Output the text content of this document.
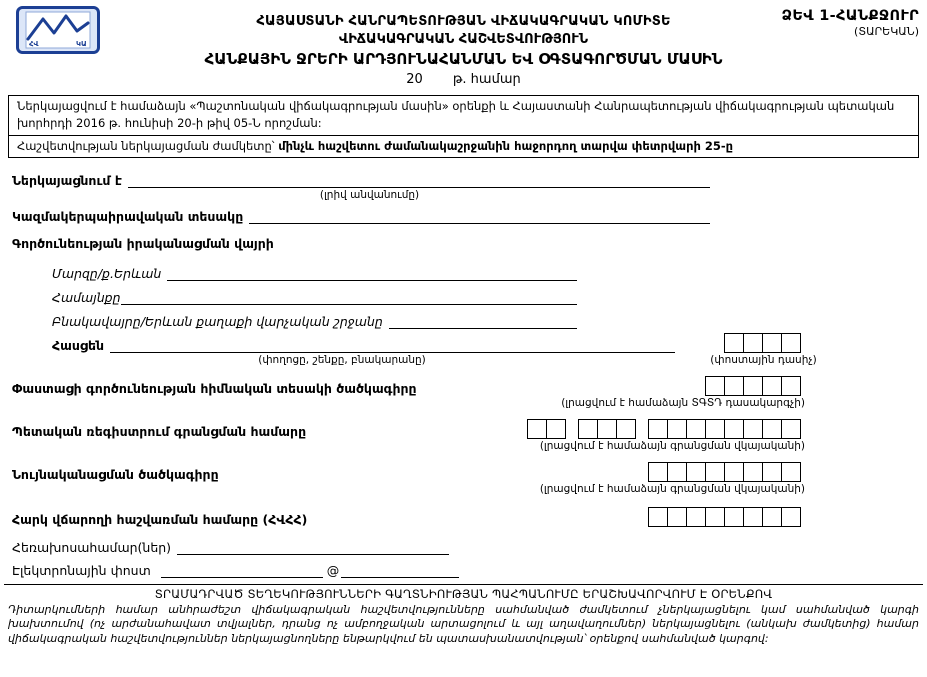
ՀՎ	ԿԱ
ՁԵՎ 1-ՀԱՆՔՋՈՒՐ
(ՏԱՐԵԿԱՆ)
ՀԱՅԱՍՏԱՆԻ ՀԱՆՐԱՊԵՏՈՒԹՅԱՆ ՎԻՃԱԿԱԳՐԱԿԱՆ ԿՈՄԻՏԵ
ՎԻՃԱԿԱԳՐԱԿԱՆ ՀԱՇՎԵՏՎՈՒԹՅՈՒՆ
ՀԱՆՔԱՅԻՆ ՋՐԵՐԻ ԱՐԴՅՈՒՆԱՀԱՆՄԱՆ ԵՎ ՕԳՏԱԳՈՐԾՄԱՆ ՄԱՍԻՆ
20 թ. համար
Ներկայացվում է համաձայն «Պաշտոնական վիճակագրության մասին» օրենքի և Հայաստանի Հանրապետության վիճակագրության պետական խորհրդի 2016 թ. հունիսի 20-ի թիվ 05-Ն որոշման:
Հաշվետվության ներկայացման ժամկետը՝ մինչև հաշվետու ժամանակաշրջանին հաջորդող տարվա փետրվարի 25-ը
Ներկայացնում է
(լրիվ անվանումը)
Կազմակերպաիրավական տեսակը
Գործունեության իրականացման վայրի
Մարզը/ք.Երևան
Համայնքը
Բնակավայրը/Երևան քաղաքի վարչական շրջանը
Հասցեն
(փողոցը, շենքը, բնակարանը)	(փոստային դասիչ)
Փաստացի գործունեության հիմնական տեսակի ծածկագիրը
(լրացվում է համաձայն ՏԳՏԴ դասակարգչի)
Պետական ռեգիստրում գրանցման համարը
(լրացվում է համաձայն գրանցման վկայականի)
Նույնականացման ծածկագիրը
(լրացվում է համաձայն գրանցման վկայականի)
Հարկ վճարողի հաշվառման համարը (ՀՎՀՀ)
Հեռախոսահամար(ներ)
Էլեկտրոնային փոստ	@
ՏՐԱՄԱԴՐՎԱԾ ՏԵՂԵԿՈՒԹՅՈՒՆՆԵՐԻ ԳԱՂՏՆԻՈՒԹՅԱՆ ՊԱՀՊԱՆՈՒՄԸ ԵՐԱՇԽԱՎՈՐՎՈՒՄ Է ՕՐԵՆՔՈՎ
Դիտարկումների համար անհրաժեշտ վիճակագրական հաշվետվությունները սահմանված ժամկետում չներկայացնելու կամ սահմանված կարգի խախտումով (ոչ արժանահավատ տվյալներ, դրանց ոչ ամբողջական արտացոլում և այլ աղավաղումներ) ներկայացնելու (անկախ ժամկետից) համար վիճակագրական հաշվետվություններ ներկայացնողները ենթարկվում են պատասխանատվության՝ օրենքով սահմանված կարգով:
